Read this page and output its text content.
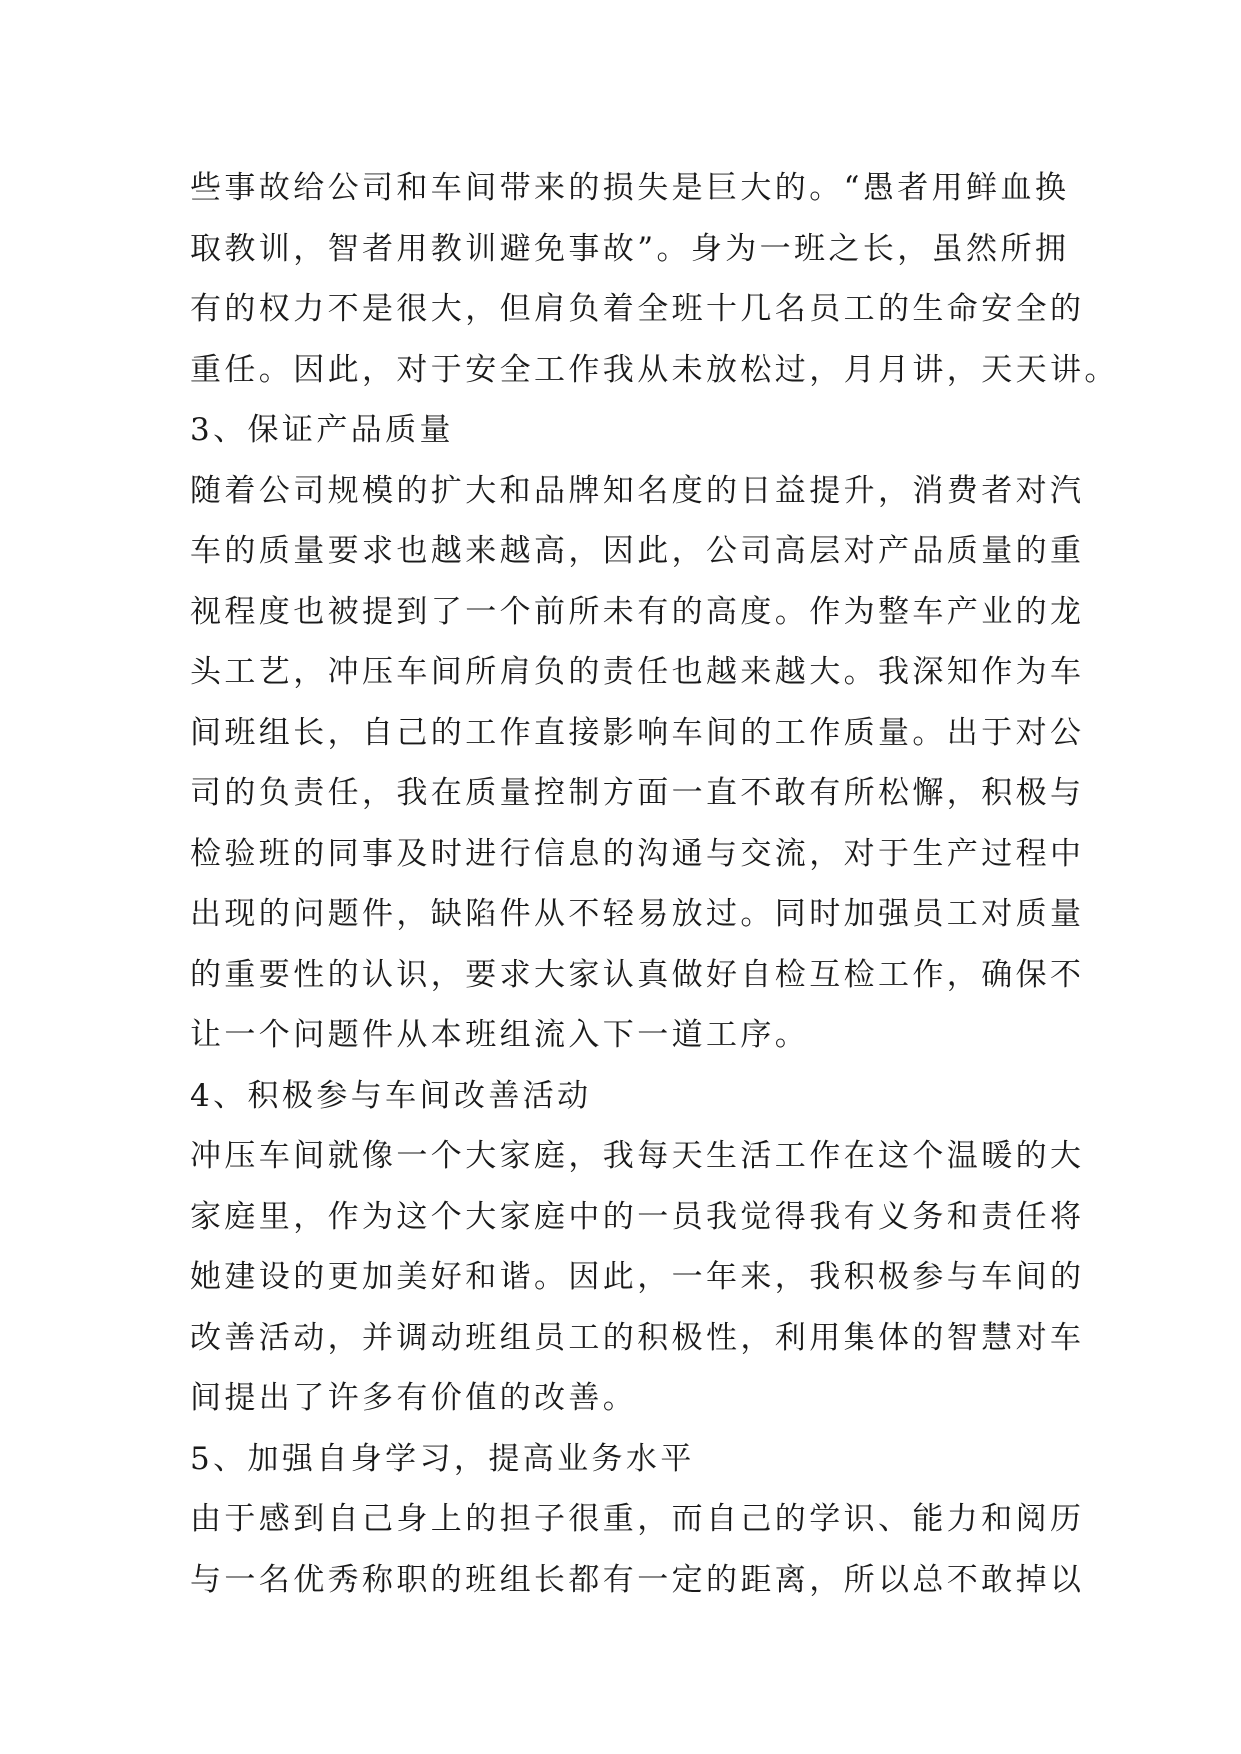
些事故给公司和车间带来的损失是巨大的。“愚者用鲜血换
取教训，智者用教训避免事故”。身为一班之长，虽然所拥
有的权力不是很大，但肩负着全班十几名员工的生命安全的
重任。因此，对于安全工作我从未放松过，月月讲，天天讲。
3、保证产品质量
随着公司规模的扩大和品牌知名度的日益提升，消费者对汽
车的质量要求也越来越高，因此，公司高层对产品质量的重
视程度也被提到了一个前所未有的高度。作为整车产业的龙
头工艺，冲压车间所肩负的责任也越来越大。我深知作为车
间班组长，自己的工作直接影响车间的工作质量。出于对公
司的负责任，我在质量控制方面一直不敢有所松懈，积极与
检验班的同事及时进行信息的沟通与交流，对于生产过程中
出现的问题件，缺陷件从不轻易放过。同时加强员工对质量
的重要性的认识，要求大家认真做好自检互检工作，确保不
让一个问题件从本班组流入下一道工序。
4、积极参与车间改善活动
冲压车间就像一个大家庭，我每天生活工作在这个温暖的大
家庭里，作为这个大家庭中的一员我觉得我有义务和责任将
她建设的更加美好和谐。因此，一年来，我积极参与车间的
改善活动，并调动班组员工的积极性，利用集体的智慧对车
间提出了许多有价值的改善。
5、加强自身学习，提高业务水平
由于感到自己身上的担子很重，而自己的学识、能力和阅历
与一名优秀称职的班组长都有一定的距离，所以总不敢掉以
